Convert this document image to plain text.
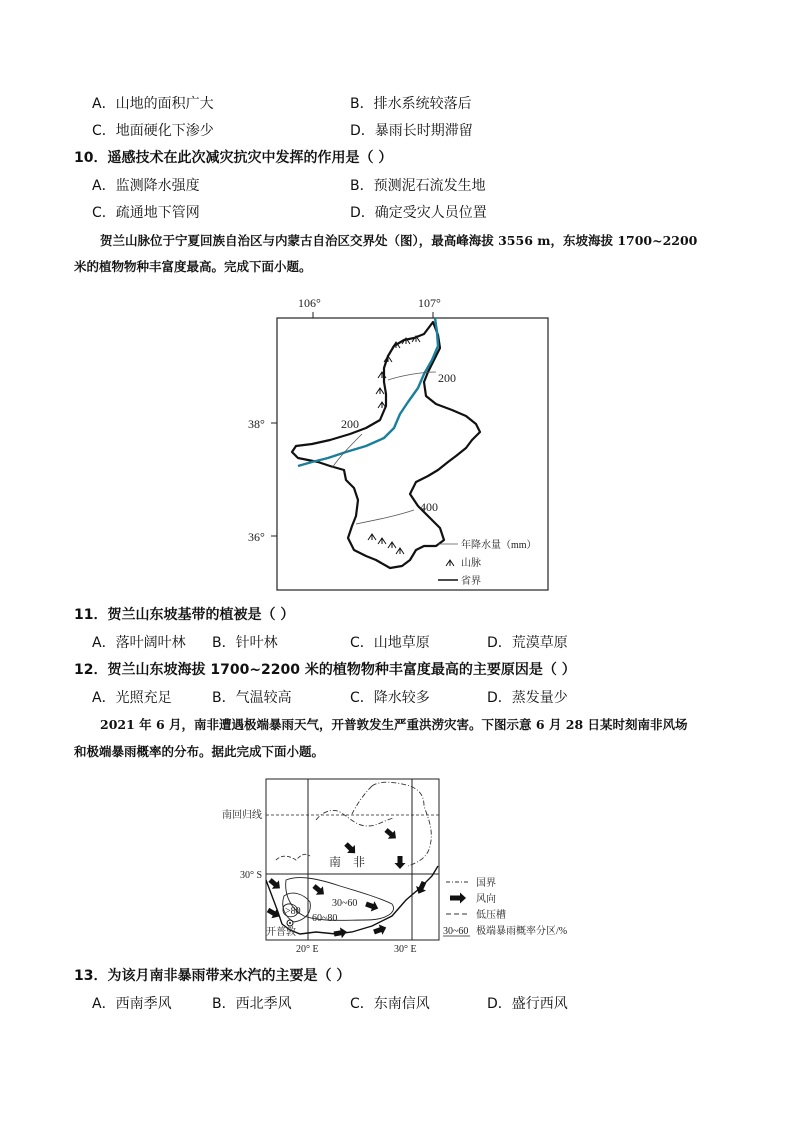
A．山地的面积广大	B．排水系统较落后
C．地面硬化下渗少	D．暴雨长时期滞留
10．遥感技术在此次减灾抗灾中发挥的作用是（ ）
A．监测降水强度	B．预测泥石流发生地
C．疏通地下管网	D．确定受灾人员位置
贺兰山脉位于宁夏回族自治区与内蒙古自治区交界处（图），最高峰海拔 3556 m，东坡海拔 1700~2200
米的植物物种丰富度最高。完成下面小题。
106°	107°
38°
36°
200
200
400
年降水量（mm）
山脉
省界
11．贺兰山东坡基带的植被是（ ）
A．落叶阔叶林 B．针叶林	C．山地草原	D．荒漠草原
12．贺兰山东坡海拔 1700~2200 米的植物物种丰富度最高的主要原因是（ ）
A．光照充足	B．气温较高	C．降水较多	D．蒸发量少
2021 年 6 月，南非遭遇极端暴雨天气，开普敦发生严重洪涝灾害。下图示意 6 月 28 日某时刻南非风场
和极端暴雨概率的分布。据此完成下面小题。
南回归线
30° S
20° E	30° E
>80
60~80
30~60
南　非
开普敦
国界
风向
低压槽
30~60 极端暴雨概率分区/%
13．为该月南非暴雨带来水汽的主要是（ ）
A．西南季风	B．西北季风	C．东南信风	D．盛行西风
